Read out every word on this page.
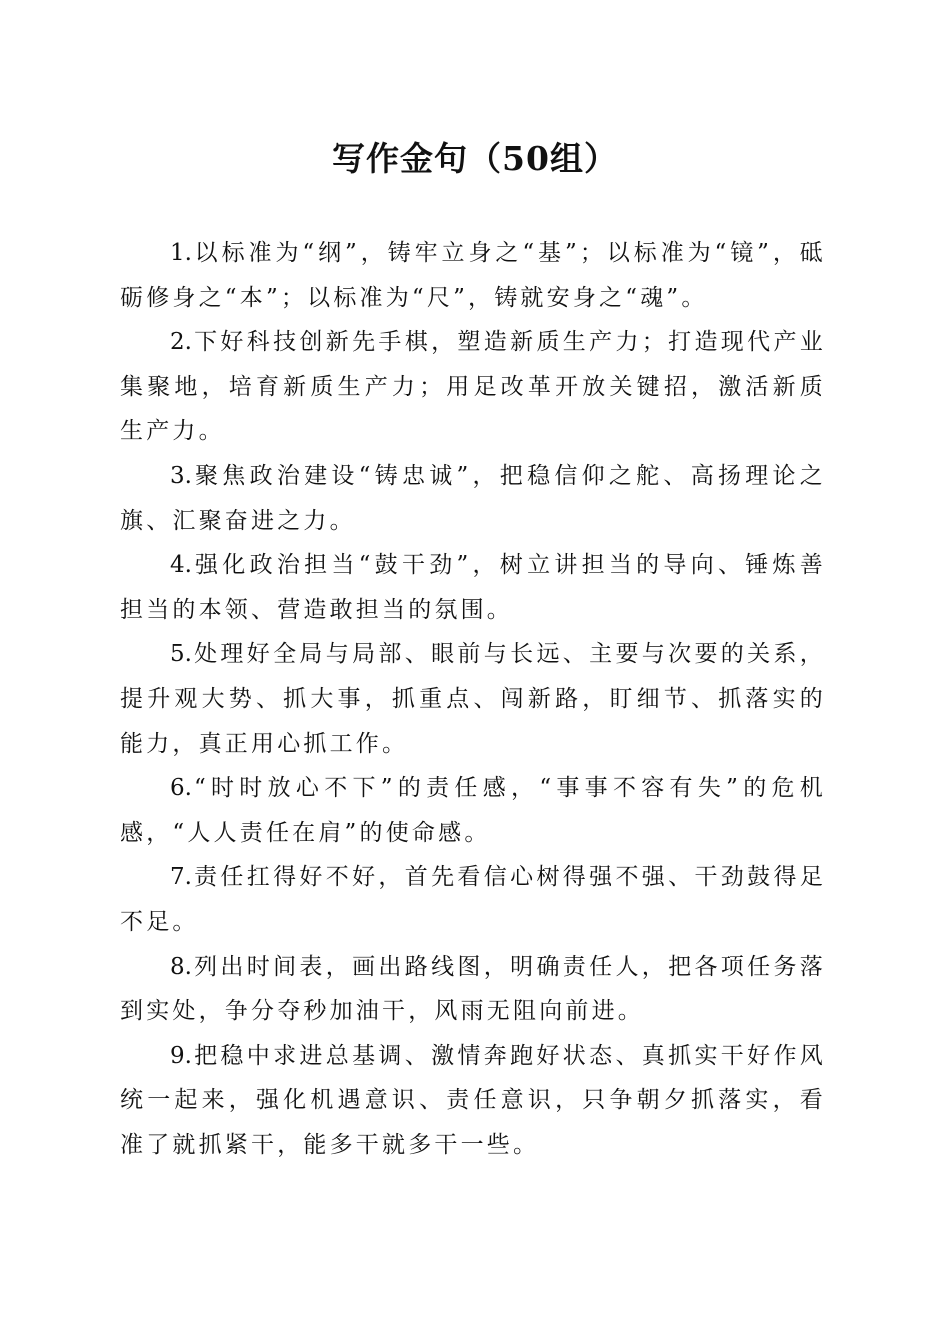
写作金句（50组）

1.以标准为“纲”，铸牢立身之“基”；以标准为“镜”，砥砺修身之“本”；以标准为“尺”，铸就安身之“魂”。

2.下好科技创新先手棋，塑造新质生产力；打造现代产业集聚地，培育新质生产力；用足改革开放关键招，激活新质生产力。

3.聚焦政治建设“铸忠诚”，把稳信仰之舵、高扬理论之旗、汇聚奋进之力。

4.强化政治担当“鼓干劲”，树立讲担当的导向、锤炼善担当的本领、营造敢担当的氛围。

5.处理好全局与局部、眼前与长远、主要与次要的关系，提升观大势、抓大事，抓重点、闯新路，盯细节、抓落实的能力，真正用心抓工作。

6.“时时放心不下”的责任感，“事事不容有失”的危机感，“人人责任在肩”的使命感。

7.责任扛得好不好，首先看信心树得强不强、干劲鼓得足不足。

8.列出时间表，画出路线图，明确责任人，把各项任务落到实处，争分夺秒加油干，风雨无阻向前进。

9.把稳中求进总基调、激情奔跑好状态、真抓实干好作风统一起来，强化机遇意识、责任意识，只争朝夕抓落实，看准了就抓紧干，能多干就多干一些。
